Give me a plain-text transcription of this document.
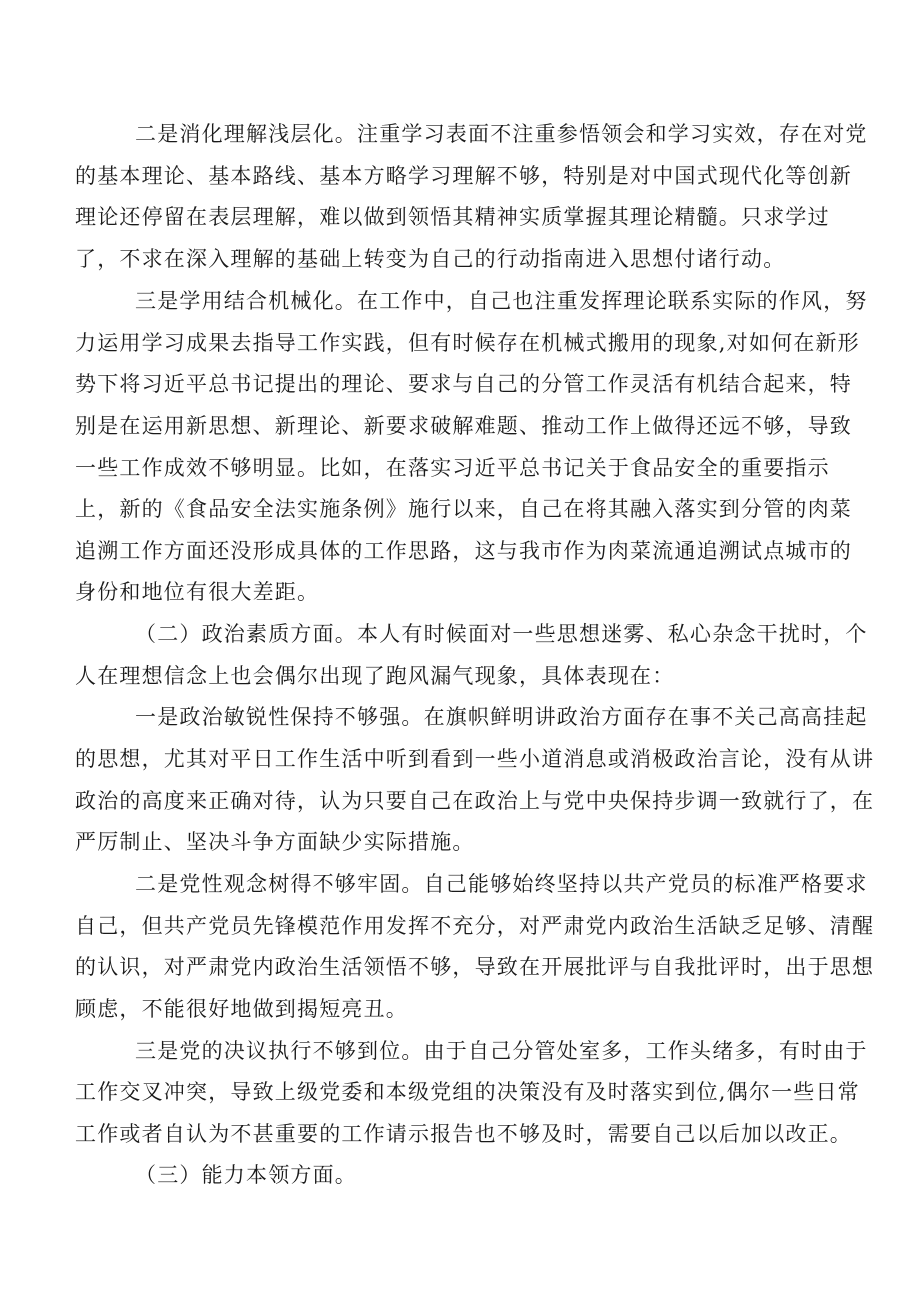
二是消化理解浅层化。注重学习表面不注重参悟领会和学习实效，存在对党
的基本理论、基本路线、基本方略学习理解不够，特别是对中国式现代化等创新
理论还停留在表层理解，难以做到领悟其精神实质掌握其理论精髓。只求学过
了，不求在深入理解的基础上转变为自己的行动指南进入思想付诸行动。
三是学用结合机械化。在工作中，自己也注重发挥理论联系实际的作风，努
力运用学习成果去指导工作实践，但有时候存在机械式搬用的现象,对如何在新形
势下将习近平总书记提出的理论、要求与自己的分管工作灵活有机结合起来，特
别是在运用新思想、新理论、新要求破解难题、推动工作上做得还远不够，导致
一些工作成效不够明显。比如，在落实习近平总书记关于食品安全的重要指示
上，新的《食品安全法实施条例》施行以来，自己在将其融入落实到分管的肉菜
追溯工作方面还没形成具体的工作思路，这与我市作为肉菜流通追溯试点城市的
身份和地位有很大差距。
（二）政治素质方面。本人有时候面对一些思想迷雾、私心杂念干扰时，个
人在理想信念上也会偶尔出现了跑风漏气现象，具体表现在：
一是政治敏锐性保持不够强。在旗帜鲜明讲政治方面存在事不关己高高挂起
的思想，尤其对平日工作生活中听到看到一些小道消息或消极政治言论，没有从讲
政治的高度来正确对待，认为只要自己在政治上与党中央保持步调一致就行了，在
严厉制止、坚决斗争方面缺少实际措施。
二是党性观念树得不够牢固。自己能够始终坚持以共产党员的标准严格要求
自己，但共产党员先锋模范作用发挥不充分，对严肃党内政治生活缺乏足够、清醒
的认识，对严肃党内政治生活领悟不够，导致在开展批评与自我批评时，出于思想
顾虑，不能很好地做到揭短亮丑。
三是党的决议执行不够到位。由于自己分管处室多，工作头绪多，有时由于
工作交叉冲突，导致上级党委和本级党组的决策没有及时落实到位,偶尔一些日常
工作或者自认为不甚重要的工作请示报告也不够及时，需要自己以后加以改正。
（三）能力本领方面。
